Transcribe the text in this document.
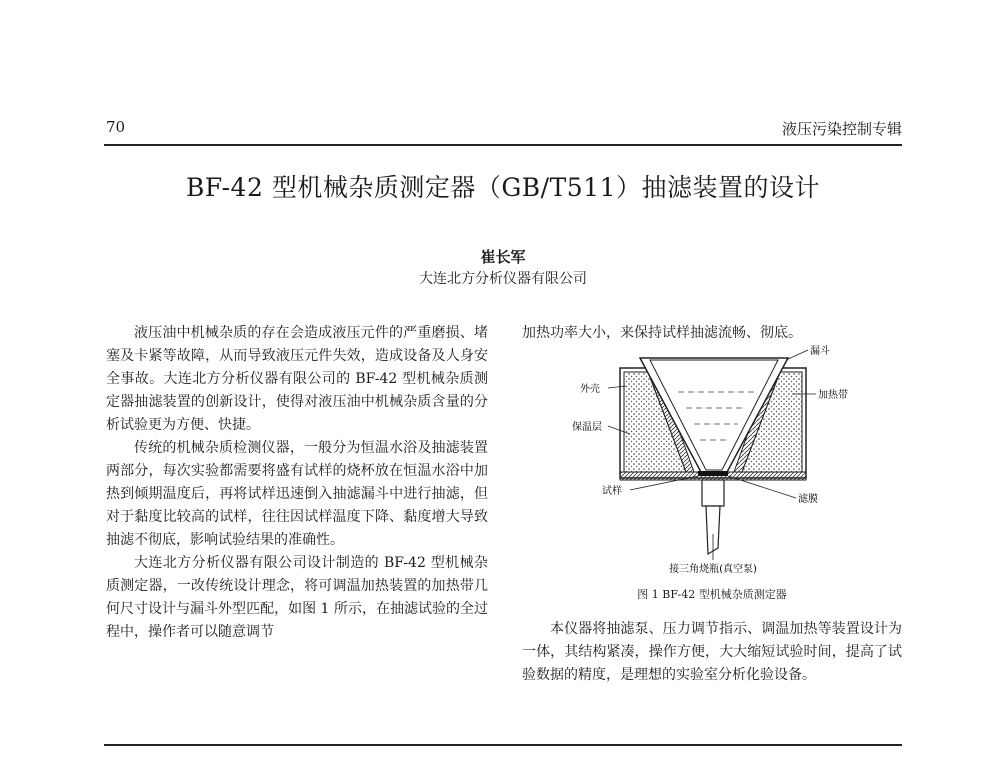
70	液压污染控制专辑
BF-42 型机械杂质测定器（GB/T511）抽滤装置的设计
崔长军
大连北方分析仪器有限公司

液压油中机械杂质的存在会造成液压元件的严重磨损、堵塞及卡紧等故障，从而导致液压元件失效，造成设备及人身安全事故。大连北方分析仪器有限公司的 BF-42 型机械杂质测定器抽滤装置的创新设计，使得对液压油中机械杂质含量的分析试验更为方便、快捷。

传统的机械杂质检测仪器，一般分为恒温水浴及抽滤装置两部分，每次实验都需要将盛有试样的烧杯放在恒温水浴中加热到倾期温度后，再将试样迅速倒入抽滤漏斗中进行抽滤，但对于黏度比较高的试样，往往因试样温度下降、黏度增大导致抽滤不彻底，影响试验结果的准确性。

大连北方分析仪器有限公司设计制造的 BF-42 型机械杂质测定器，一改传统设计理念，将可调温加热装置的加热带几何尺寸设计与漏斗外型匹配，如图 1 所示，在抽滤试验的全过程中，操作者可以随意调节

加热功率大小，来保持试样抽滤流畅、彻底。

漏斗
外壳
加热带
保温层
试样
滤膜
接三角烧瓶(真空泵)
图 1 BF-42 型机械杂质测定器

本仪器将抽滤泵、压力调节指示、调温加热等装置设计为一体，其结构紧凑，操作方便，大大缩短试验时间，提高了试验数据的精度，是理想的实验室分析化验设备。
